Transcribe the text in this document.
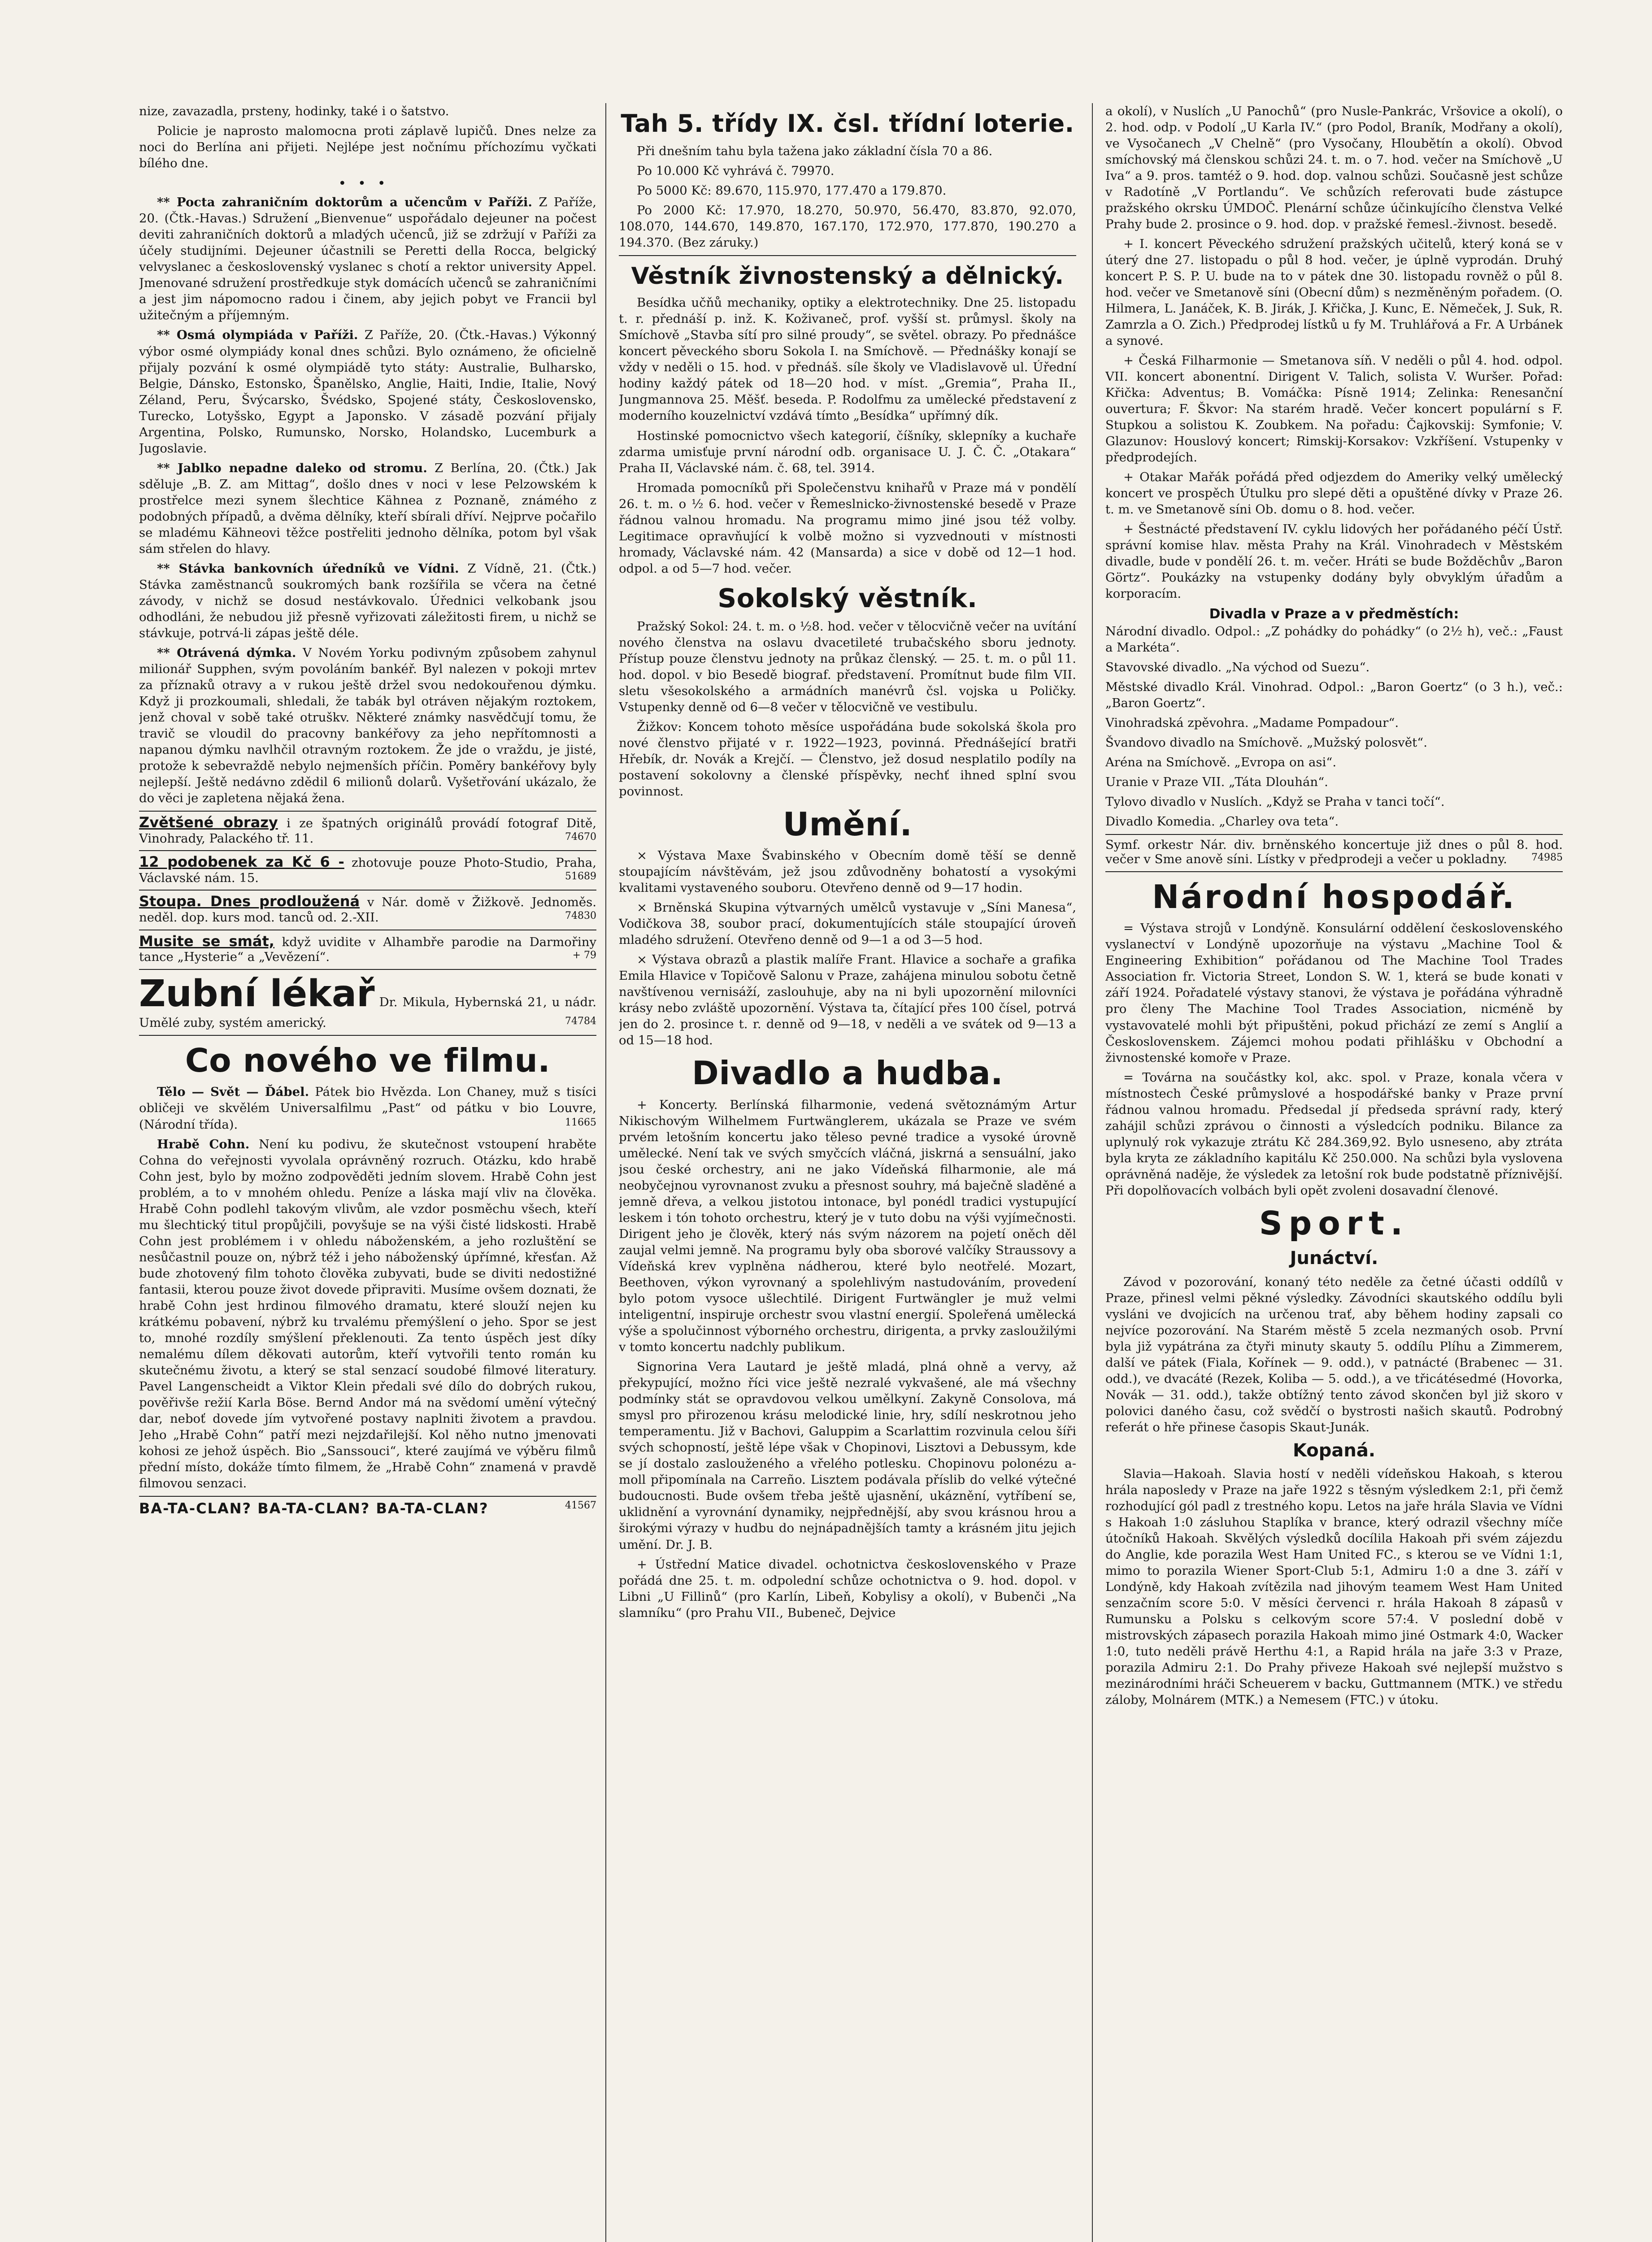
nize, zavazadla, prsteny, hodinky, také i o šatstvo.

Policie je naprosto malomocna proti záplavě lupičů. Dnes nelze za noci do Berlína ani přijeti. Nejlépe jest nočnímu příchozímu vyčkati bílého dne.

•••

** Pocta zahraničním doktorům a učencům v Paříži. Z Paříže, 20. (Čtk.-Havas.) Sdružení „Bienvenue“ uspořádalo dejeuner na počest deviti zahraničních doktorů a mladých učenců, již se zdržují v Paříži za účely studijními. Dejeuner účastnili se Peretti della Rocca, belgický velvyslanec a československý vyslanec s chotí a rektor university Appel. Jmenované sdružení prostředkuje styk domácích učenců se zahraničními a jest jim nápomocno radou i činem, aby jejich pobyt ve Francii byl užitečným a příjemným.

** Osmá olympiáda v Paříži. Z Paříže, 20. (Čtk.-Havas.) Výkonný výbor osmé olympiády konal dnes schůzi. Bylo oznámeno, že oficielně přijaly pozvání k osmé olympiádě tyto státy: Australie, Bulharsko, Belgie, Dánsko, Estonsko, Španělsko, Anglie, Haiti, Indie, Italie, Nový Zéland, Peru, Švýcarsko, Švédsko, Spojené státy, Československo, Turecko, Lotyšsko, Egypt a Japonsko. V zásadě pozvání přijaly Argentina, Polsko, Rumunsko, Norsko, Holandsko, Lucemburk a Jugoslavie.

** Jablko nepadne daleko od stromu. Z Berlína, 20. (Čtk.) Jak sděluje „B. Z. am Mittag“, došlo dnes v noci v lese Pelzowském k prostřelce mezi synem šlechtice Kähnea z Poznaně, známého z podobných případů, a dvěma dělníky, kteří sbírali dříví. Nejprve počařilo se mladému Kähneovi těžce postřeliti jednoho dělníka, potom byl však sám střelen do hlavy.

** Stávka bankovních úředníků ve Vídni. Z Vídně, 21. (Čtk.) Stávka zaměstnanců soukromých bank rozšířila se včera na četné závody, v nichž se dosud nestávkovalo. Úřednici velkobank jsou odhodláni, že nebudou již přesně vyřizovati záležitosti firem, u nichž se stávkuje, potrvá-li zápas ještě déle.

** Otrávená dýmka. V Novém Yorku podivným způsobem zahynul milionář Supphen, svým povoláním bankéř. Byl nalezen v pokoji mrtev za příznaků otravy a v rukou ještě držel svou nedokouřenou dýmku. Když ji prozkoumali, shledali, že tabák byl otráven nějakým roztokem, jenž choval v sobě také otruškv. Některé známky nasvědčují tomu, že travič se vloudil do pracovny bankéřovy za jeho nepřítomnosti a napanou dýmku navlhčil otravným roztokem. Že jde o vraždu, je jisté, protože k sebevraždě nebylo nejmenších příčin. Poměry bankéřovy byly nejlepší. Ještě nedávno zdědil 6 milionů dolarů. Vyšetřování ukázalo, že do věci je zapletena nějaká žena.

Zvětšené obrazy i ze špatných originálů provádí fotograf Ditě, Vinohrady, Palackého tř. 11.	74670
12 podobenek za Kč 6 - zhotovuje pouze Photo-Studio, Praha, Václavské nám. 15.	51689
Stoupa. Dnes prodloužená v Nár. domě v Žižkově. Jednoměs. neděl. dop. kurs mod. tanců od. 2.-XII.	74830
Musite se smát, když uvidite v Alhambře parodie na Darmořiny tance „Hysterie“ a „Vevězení“.	+ 79
Zubní lékař Dr. Mikula, Hybernská 21, u nádr. Umělé zuby, systém americký.	74784
Co nového ve filmu.

Tělo — Svět — Ďábel. Pátek bio Hvězda. Lon Chaney, muž s tisíci obličeji ve skvělém Universalfilmu „Past“ od pátku v bio Louvre, (Národní třída).	11665

Hrabě Cohn. Není ku podivu, že skutečnost vstoupení hraběte Cohna do veřejnosti vyvolala oprávněný rozruch. Otázku, kdo hrabě Cohn jest, bylo by možno zodpověděti jedním slovem. Hrabě Cohn jest problém, a to v mnohém ohledu. Peníze a láska mají vliv na člověka. Hrabě Cohn podlehl takovým vlivům, ale vzdor posměchu všech, kteří mu šlechtický titul propůjčili, povyšuje se na výši čisté lidskosti. Hrabě Cohn jest problémem i v ohledu náboženském, a jeho rozluštění se nesůčastnil pouze on, nýbrž též i jeho náboženský úpřímné, křesťan. Až bude zhotovený film tohoto člověka zubyvati, bude se diviti nedostižné fantasii, kterou pouze život dovede připraviti. Musíme ovšem doznati, že hrabě Cohn jest hrdinou filmového dramatu, které slouží nejen ku krátkému pobavení, nýbrž ku trvalému přemýšlení o jeho. Spor se jest to, mnohé rozdíly smýšlení překlenouti. Za tento úspěch jest díky nemalému dílem děkovati autorům, kteří vytvořili tento román ku skutečnému životu, a který se stal senzací soudobé filmové literatury. Pavel Langenscheidt a Viktor Klein předali své dílo do dobrých rukou, pověřivše režií Karla Böse. Bernd Andor má na svědomí umění výtečný dar, neboť dovede jím vytvořené postavy naplniti životem a pravdou. Jeho „Hrabě Cohn“ patří mezi nejzdařilejší. Kol něho nutno jmenovati kohosi ze jehož úspěch. Bio „Sanssouci“, které zaujímá ve výběru filmů přední místo, dokáže tímto filmem, že „Hrabě Cohn“ znamená v pravdě filmovou senzaci.

BA-TA-CLAN? BA-TA-CLAN? BA-TA-CLAN?	41567
Tah 5. třídy IX. čsl. třídní loterie.

Při dnešním tahu byla tažena jako základní čísla 70 a 86.

Po 10.000 Kč vyhrává č. 79970.

Po 5000 Kč: 89.670, 115.970, 177.470 a 179.870.

Po 2000 Kč: 17.970, 18.270, 50.970, 56.470, 83.870, 92.070, 108.070, 144.670, 149.870, 167.170, 172.970, 177.870, 190.270 a 194.370. (Bez záruky.)

Věstník živnostenský a dělnický.

Besídka učňů mechaniky, optiky a elektrotechniky. Dne 25. listopadu t. r. přednáší p. inž. K. Koživaneč, prof. vyšší st. průmysl. školy na Smíchově „Stavba sítí pro silné proudy“, se světel. obrazy. Po přednášce koncert pěveckého sboru Sokola I. na Smíchově. — Přednášky konají se vždy v neděli o 15. hod. v přednáš. síle školy ve Vladislavově ul. Úřední hodiny každý pátek od 18—20 hod. v míst. „Gremia“, Praha II., Jungmannova 25. Měšť. beseda. P. Rodolfmu za umělecké představení z moderního kouzelnictví vzdává tímto „Besídka“ upřímný dík.

Hostinské pomocnictvo všech kategorií, číšníky, sklepníky a kuchaře zdarma umisťuje první národní odb. organisace U. J. Č. Č. „Otakara“ Praha II, Václavské nám. č. 68, tel. 3914.

Hromada pomocníků při Společenstvu knihařů v Praze má v pondělí 26. t. m. o ½ 6. hod. večer v Řemeslnicko-živnostenské besedě v Praze řádnou valnou hromadu. Na programu mimo jiné jsou též volby. Legitimace opravňující k volbě možno si vyzvednouti v místnosti hromady, Václavské nám. 42 (Mansarda) a sice v době od 12—1 hod. odpol. a od 5—7 hod. večer.

Sokolský věstník.

Pražský Sokol: 24. t. m. o ½8. hod. večer v tělocvičně večer na uvítání nového členstva na oslavu dvacetileté trubačského sboru jednoty. Přístup pouze členstvu jednoty na průkaz členský. — 25. t. m. o půl 11. hod. dopol. v bio Besedě biograf. představení. Promítnut bude film VII. sletu všesokolského a armádních manévrů čsl. vojska u Poličky. Vstupenky denně od 6—8 večer v tělocvičně ve vestibulu.

Žižkov: Koncem tohoto měsíce uspořádána bude sokolská škola pro nové členstvo přijaté v r. 1922—1923, povinná. Přednášející bratři Hřebík, dr. Novák a Krejčí. — Členstvo, jež dosud nesplatilo podíly na postavení sokolovny a členské příspěvky, nechť ihned splní svou povinnost.

Umění.

× Výstava Maxe Švabinského v Obecním domě těší se denně stoupajícím návštěvám, jež jsou zdůvodněny bohatostí a vysokými kvalitami vystaveného souboru. Otevřeno denně od 9—17 hodin.

× Brněnská Skupina výtvarných umělců vystavuje v „Síni Manesa“, Vodičkova 38, soubor prací, dokumentujících stále stoupající úroveň mladého sdružení. Otevřeno denně od 9—1 a od 3—5 hod.

× Výstava obrazů a plastik malíře Frant. Hlavice a sochaře a grafika Emila Hlavice v Topičově Salonu v Praze, zahájena minulou sobotu četně navštívenou vernisáží, zaslouhuje, aby na ni byli upozornění milovníci krásy nebo zvláště upozornění. Výstava ta, čítající přes 100 čísel, potrvá jen do 2. prosince t. r. denně od 9—18, v neděli a ve svátek od 9—13 a od 15—18 hod.

Divadlo a hudba.

+ Koncerty. Berlínská filharmonie, vedená světoznámým Artur Nikischovým Wilhelmem Furtwänglerem, ukázala se Praze ve svém prvém letošním koncertu jako těleso pevné tradice a vysoké úrovně umělecké. Není tak ve svých smyčcích vláčná, jiskrná a sensuální, jako jsou české orchestry, ani ne jako Vídeňská filharmonie, ale má neobyčejnou vyrovnanost zvuku a přesnost souhry, má baječně sladěné a jemně dřeva, a velkou jistotou intonace, byl ponédl tradici vystupující leskem i tón tohoto orchestru, který je v tuto dobu na výši vyjímečnosti. Dirigent jeho je člověk, který nás svým názorem na pojetí oněch děl zaujal velmi jemně. Na programu byly oba sborové valčíky Straussovy a Vídeňská krev vyplněna nádherou, které bylo neotřelé. Mozart, Beethoven, výkon vyrovnaný a spolehlivým nastudováním, provedení bylo potom vysoce ušlechtilé. Dirigent Furtwängler je muž velmi inteligentní, inspiruje orchestr svou vlastní energií. Spoleřená umělecká výše a spolučinnost výborného orchestru, dirigenta, a prvky zasloužilými v tomto koncertu nadchly publikum.

Signorina Vera Lautard je ještě mladá, plná ohně a vervy, až překypující, možno říci vice ještě nezralé vykvašené, ale má všechny podmínky stát se opravdovou velkou umělkyní. Zakyně Consolova, má smysl pro přirozenou krásu melodické linie, hry, sdílí neskrotnou jeho temperamentu. Již v Bachovi, Galuppim a Scarlattim rozvinula celou šíři svých schopností, ještě lépe však v Chopinovi, Lisztovi a Debussym, kde se jí dostalo zaslouženého a vřelého potlesku. Chopinovu polonézu a-moll připomínala na Carreño. Lisztem podávala příslib do velké výtečné budoucnosti. Bude ovšem třeba ještě ujasnění, ukáznění, vytříbení se, uklidnění a vyrovnání dynamiky, nejpřednější, aby svou krásnou hrou a širokými výrazy v hudbu do nejnápadnějších tamty a krásném jitu jejich umění. Dr. J. B.

+ Ústřední Matice divadel. ochotnictva československého v Praze pořádá dne 25. t. m. odpolední schůze ochotnictva o 9. hod. dopol. v Libni „U Fillinů“ (pro Karlín, Libeň, Kobylisy a okolí), v Bubenči „Na slamníku“ (pro Prahu VII., Bubeneč, Dejvice

a okolí), v Nuslích „U Panochů“ (pro Nusle-Pankrác, Vršovice a okolí), o 2. hod. odp. v Podolí „U Karla IV.“ (pro Podol, Braník, Modřany a okolí), ve Vysočanech „V Chelně“ (pro Vysočany, Hloubětín a okolí). Obvod smíchovský má členskou schůzi 24. t. m. o 7. hod. večer na Smíchově „U Iva“ a 9. pros. tamtéž o 9. hod. dop. valnou schůzi. Současně jest schůze v Radotíně „V Portlandu“. Ve schůzích referovati bude zástupce pražského okrsku ÚMDOČ. Plenární schůze účinkujícího členstva Velké Prahy bude 2. prosince o 9. hod. dop. v pražské řemesl.-živnost. besedě.

+ I. koncert Pěveckého sdružení pražských učitelů, který koná se v úterý dne 27. listopadu o půl 8 hod. večer, je úplně vyprodán. Druhý koncert P. S. P. U. bude na to v pátek dne 30. listopadu rovněž o půl 8. hod. večer ve Smetanově síni (Obecní dům) s nezměněným pořadem. (O. Hilmera, L. Janáček, K. B. Jirák, J. Křička, J. Kunc, E. Němeček, J. Suk, R. Zamrzla a O. Zich.) Předprodej lístků u fy M. Truhlářová a Fr. A Urbánek a synové.

+ Česká Filharmonie — Smetanova síň. V neděli o půl 4. hod. odpol. VII. koncert abonentní. Dirigent V. Talich, solista V. Wuršer. Pořad: Křička: Adventus; B. Vomáčka: Písně 1914; Zelinka: Renesanční ouvertura; F. Škvor: Na starém hradě. Večer koncert populární s F. Stupkou a solistou K. Zoubkem. Na pořadu: Čajkovskij: Symfonie; V. Glazunov: Houslový koncert; Rimskij-Korsakov: Vzkříšení. Vstupenky v předprodejích.

+ Otakar Mařák pořádá před odjezdem do Ameriky velký umělecký koncert ve prospěch Útulku pro slepé děti a opuštěné dívky v Praze 26. t. m. ve Smetanově síni Ob. domu o 8. hod. večer.

+ Šestnácté představení IV. cyklu lidových her pořádaného péčí Ústř. správní komise hlav. města Prahy na Král. Vinohradech v Městském divadle, bude v pondělí 26. t. m. večer. Hráti se bude Božděchův „Baron Görtz“. Poukázky na vstupenky dodány byly obvyklým úřadům a korporacím.

Divadla v Praze a v předměstích:

Národní divadlo. Odpol.: „Z pohádky do pohádky“ (o 2½ h), več.: „Faust a Markéta“.

Stavovské divadlo. „Na východ od Suezu“.

Městské divadlo Král. Vinohrad. Odpol.: „Baron Goertz“ (o 3 h.), več.: „Baron Goertz“.

Vinohradská zpěvohra. „Madame Pompadour“.

Švandovo divadlo na Smíchově. „Mužský polosvět“.

Aréna na Smíchově. „Evropa on asi“.

Uranie v Praze VII. „Táta Dlouhán“.

Tylovo divadlo v Nuslích. „Když se Praha v tanci točí“.

Divadlo Komedia. „Charley ova teta“.

Symf. orkestr Nár. div. brněnského koncertuje již dnes o půl 8. hod. večer v Sme anově síni. Lístky v předprodeji a večer u pokladny. 74985
Národní hospodář.

= Výstava strojů v Londýně. Konsulární oddělení československého vyslanectví v Londýně upozorňuje na výstavu „Machine Tool & Engineering Exhibition“ pořádanou od The Machine Tool Trades Association fr. Victoria Street, London S. W. 1, která se bude konati v září 1924. Pořadatelé výstavy stanovi, že výstava je pořádána výhradně pro členy The Machine Tool Trades Association, nicméně by vystavovatelé mohli být připuštěni, pokud přichází ze zemí s Anglií a Československem. Zájemci mohou podati přihlášku v Obchodní a živnostenské komoře v Praze.

= Továrna na součástky kol, akc. spol. v Praze, konala včera v místnostech České průmyslové a hospodářské banky v Praze první řádnou valnou hromadu. Předsedal jí předseda správní rady, který zahájil schůzi zprávou o činnosti a výsledcích podniku. Bilance za uplynulý rok vykazuje ztrátu Kč 284.369,92. Bylo usneseno, aby ztráta byla kryta ze základního kapitálu Kč 250.000. Na schůzi byla vyslovena oprávněná naděje, že výsledek za letošní rok bude podstatně příznivější. Při dopolňovacích volbách byli opět zvoleni dosavadní členové.

Sport.
Junáctví.

Závod v pozorování, konaný této neděle za četné účasti oddílů v Praze, přinesl velmi pěkné výsledky. Závodníci skautského oddílu byli vysláni ve dvojicích na určenou trať, aby během hodiny zapsali co nejvíce pozorování. Na Starém městě 5 zcela nezmaných osob. První byla již vypátrána za čtyři minuty skauty 5. oddílu Plíhu a Zimmerem, další ve pátek (Fiala, Kořínek — 9. odd.), v patnácté (Brabenec — 31. odd.), ve dvacáté (Rezek, Koliba — 5. odd.), a ve třicátésedmé (Hovorka, Novák — 31. odd.), takže obtížný tento závod skončen byl již skoro v polovici daného času, což svědčí o bystrosti našich skautů. Podrobný referát o hře přinese časopis Skaut-Junák.

Kopaná.

Slavia—Hakoah. Slavia hostí v neděli vídeňskou Hakoah, s kterou hrála naposledy v Praze na jaře 1922 s těsným výsledkem 2:1, při čemž rozhodující gól padl z trestného kopu. Letos na jaře hrála Slavia ve Vídni s Hakoah 1:0 zásluhou Staplíka v brance, který odrazil všechny míče útočníků Hakoah. Skvělých výsledků docílila Hakoah při svém zájezdu do Anglie, kde porazila West Ham United FC., s kterou se ve Vídni 1:1, mimo to porazila Wiener Sport-Club 5:1, Admiru 1:0 a dne 3. září v Londýně, kdy Hakoah zvítězila nad jihovým teamem West Ham United senzačním score 5:0. V měsíci červenci r. hrála Hakoah 8 zápasů v Rumunsku a Polsku s celkovým score 57:4. V poslední době v mistrovských zápasech porazila Hakoah mimo jiné Ostmark 4:0, Wacker 1:0, tuto neděli právě Herthu 4:1, a Rapid hrála na jaře 3:3 v Praze, porazila Admiru 2:1. Do Prahy přiveze Hakoah své nejlepší mužstvo s mezinárodními hráči Scheuerem v backu, Guttmannem (MTK.) ve středu záloby, Molnárem (MTK.) a Nemesem (FTC.) v útoku.
